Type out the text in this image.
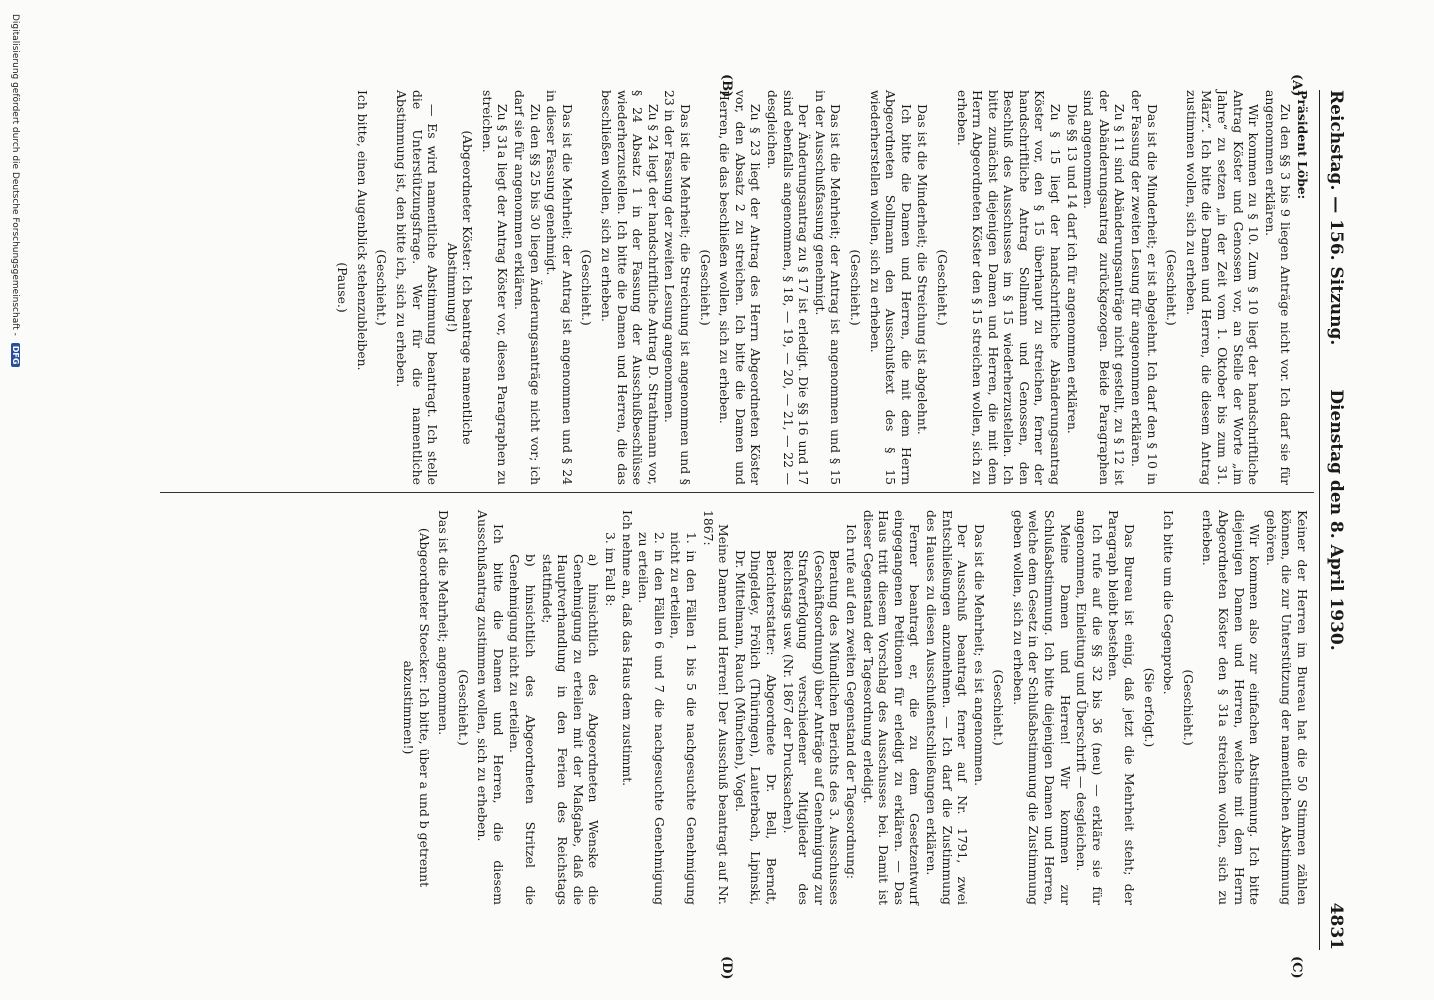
Reichstag. — 156. Sitzung.
Dienstag den 8. April 1930.
4831
(A)
(B)
(C)
(D)

Präsident Löbe:

Zu den §§ 3 bis 9 liegen Anträge nicht vor. Ich darf sie für angenommen erklären.

Wir kommen zu § 10. Zum § 10 liegt der handschriftliche Antrag Köster und Genossen vor, an Stelle der Worte „im Jahre“ zu setzen „in der Zeit vom 1. Oktober bis zum 31. März“. Ich bitte die Damen und Herren, die diesem Antrag zustimmen wollen, sich zu erheben.

(Geschieht.)

Das ist die Minderheit; er ist abgelehnt. Ich darf den § 10 in der Fassung der zweiten Lesung für angenommen erklären.

Zu § 11 sind Abänderungsanträge nicht gestellt, zu § 12 ist der Abänderungsantrag zurückgezogen. Beide Paragraphen sind angenommen.

Die §§ 13 und 14 darf ich für angenommen erklären.

Zu § 15 liegt der handschriftliche Abänderungsantrag Köster vor, den § 15 überhaupt zu streichen, ferner der handschriftliche Antrag Sollmann und Genossen, den Beschluß des Ausschusses im § 15 wiederherzustellen. Ich bitte zunächst diejenigen Damen und Herren, die mit dem Herrn Abgeordneten Köster den § 15 streichen wollen, sich zu erheben.

(Geschieht.)

Das ist die Minderheit; die Streichung ist abgelehnt.

Ich bitte die Damen und Herren, die mit dem Herrn Abgeordneten Sollmann den Ausschußtext des § 15 wiederherstellen wollen, sich zu erheben.

(Geschieht.)

Das ist die Mehrheit; der Antrag ist angenommen und § 15 in der Ausschußfassung genehmigt.

Der Änderungsantrag zu § 17 ist erledigt. Die §§ 16 und 17 sind ebenfalls angenommen, § 18, — 19, — 20, — 21, — 22 — desgleichen.

Zu § 23 liegt der Antrag des Herrn Abgeordneten Köster vor, den Absatz 2 zu streichen. Ich bitte die Damen und Herren, die das beschließen wollen, sich zu erheben.

(Geschieht.)

Das ist die Mehrheit; die Streichung ist angenommen und § 23 in der Fassung der zweiten Lesung angenommen.

Zu § 24 liegt der handschriftliche Antrag D. Strathmann vor, § 24 Absatz 1 in der Fassung der Ausschußbeschlüsse wiederherzustellen. Ich bitte die Damen und Herren, die das beschließen wollen, sich zu erheben.

(Geschieht.)

Das ist die Mehrheit; der Antrag ist angenommen und § 24 in dieser Fassung genehmigt.

Zu den §§ 25 bis 30 liegen Änderungsanträge nicht vor; ich darf sie für angenommen erklären.

Zu § 31a liegt der Antrag Köster vor, diesen Paragraphen zu streichen.

(Abgeordneter Köster: Ich beantrage namentliche Abstimmung!)

— Es wird namentliche Abstimmung beantragt. Ich stelle die Unterstützungsfrage. Wer für die namentliche Abstimmung ist, den bitte ich, sich zu erheben.

(Geschieht.)

Ich bitte, einen Augenblick stehenzubleiben.

(Pause.)

Keiner der Herren im Bureau hat die 50 Stimmen zählen können, die zur Unterstützung der namentlichen Abstimmung gehören.

Wir kommen also zur einfachen Abstimmung. Ich bitte diejenigen Damen und Herren, welche mit dem Herrn Abgeordneten Köster den § 31a streichen wollen, sich zu erheben.

(Geschieht.)

Ich bitte um die Gegenprobe.

(Sie erfolgt.)

Das Bureau ist einig, daß jetzt die Mehrheit steht; der Paragraph bleibt bestehen.

Ich rufe auf die §§ 32 bis 36 (neu) — erkläre sie für angenommen, Einleitung und Überschrift — desgleichen.

Meine Damen und Herren! Wir kommen zur Schlußabstimmung. Ich bitte diejenigen Damen und Herren, welche dem Gesetz in der Schlußabstimmung die Zustimmung geben wollen, sich zu erheben.

(Geschieht.)

Das ist die Mehrheit; es ist angenommen.

Der Ausschuß beantragt ferner auf Nr. 1791, zwei Entschließungen anzunehmen. — Ich darf die Zustimmung des Hauses zu diesen Ausschußentschließungen erklären.

Ferner beantragt er, die zu dem Gesetzentwurf eingegangenen Petitionen für erledigt zu erklären. — Das Haus tritt diesem Vorschlag des Ausschusses bei. Damit ist dieser Gegenstand der Tagesordnung erledigt.

Ich rufe auf den zweiten Gegenstand der Tagesordnung:

Beratung des Mündlichen Berichts des 3. Ausschusses (Geschäftsordnung) über Anträge auf Genehmigung zur Strafverfolgung verschiedener Mitglieder des Reichstags usw. (Nr. 1867 der Drucksachen).

Berichterstatter: Abgeordnete Dr. Bell, Berndt, Dingeldey, Frölich (Thüringen), Lauterbach, Lipinski, Dr. Mittelmann, Rauch (München), Vogel.

Meine Damen und Herren! Der Ausschuß beantragt auf Nr. 1867:

1. in den Fällen 1 bis 5 die nachgesuchte Genehmigung nicht zu erteilen,

2. in den Fällen 6 und 7 die nachgesuchte Genehmigung zu erteilen.

Ich nehme an, daß das Haus dem zustimmt.

3. im Fall 8:

a) hinsichtlich des Abgeordneten Wenske die Genehmigung zu erteilen mit der Maßgabe, daß die Hauptverhandlung in den Ferien des Reichstags stattfindet;

b) hinsichtlich des Abgeordneten Stritzel die Genehmigung nicht zu erteilen.

Ich bitte die Damen und Herren, die diesem Ausschußantrag zustimmen wollen, sich zu erheben.

(Geschieht.)

Das ist die Mehrheit; angenommen.

(Abgeordneter Stoecker: Ich bitte, über a und b getrennt abzustimmen!)

Digitalisierung gefördert durch die Deutsche Forschungsgemeinschaft - DFG
